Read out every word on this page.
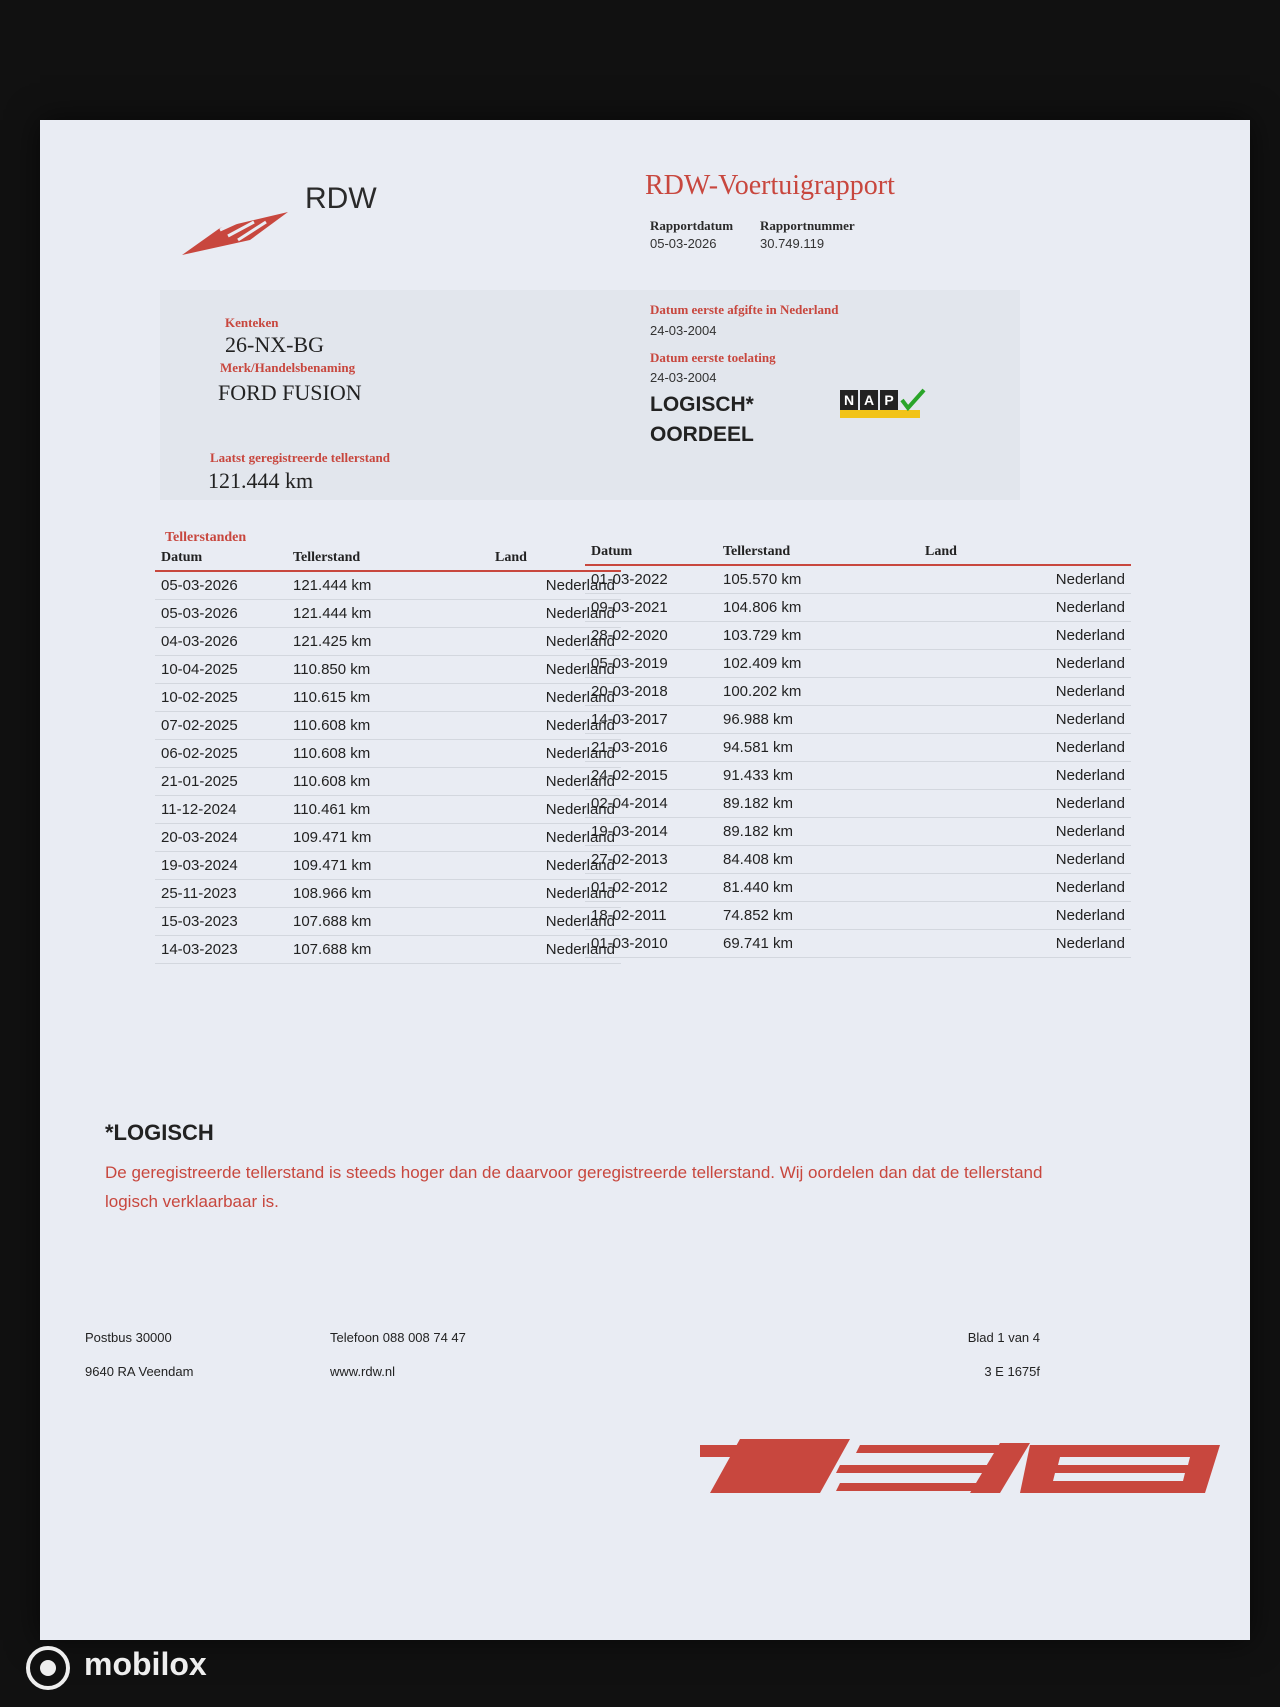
RDW	RDW-Voertuigrapport
Rapportdatum
05-03-2026
Rapportnummer
30.749.119
Kenteken
26-NX-BG
Merk/Handelsbenaming
FORD FUSION
Laatst geregistreerde tellerstand
121.444 km
Datum eerste afgifte in Nederland
24-03-2004
Datum eerste toelating
24-03-2004
LOGISCH*
OORDEEL
N A P
Tellerstanden
Datum	Tellerstand	Land
05-03-2026	121.444 km	Nederland
05-03-2026	121.444 km	Nederland
04-03-2026	121.425 km	Nederland
10-04-2025	110.850 km	Nederland
10-02-2025	110.615 km	Nederland
07-02-2025	110.608 km	Nederland
06-02-2025	110.608 km	Nederland
21-01-2025	110.608 km	Nederland
11-12-2024	110.461 km	Nederland
20-03-2024	109.471 km	Nederland
19-03-2024	109.471 km	Nederland
25-11-2023	108.966 km	Nederland
15-03-2023	107.688 km	Nederland
14-03-2023	107.688 km	Nederland
Datum	Tellerstand	Land
01-03-2022	105.570 km	Nederland
09-03-2021	104.806 km	Nederland
28-02-2020	103.729 km	Nederland
05-03-2019	102.409 km	Nederland
20-03-2018	100.202 km	Nederland
14-03-2017	96.988 km	Nederland
21-03-2016	94.581 km	Nederland
24-02-2015	91.433 km	Nederland
02-04-2014	89.182 km	Nederland
19-03-2014	89.182 km	Nederland
27-02-2013	84.408 km	Nederland
01-02-2012	81.440 km	Nederland
18-02-2011	74.852 km	Nederland
01-03-2010	69.741 km	Nederland
*LOGISCH
De geregistreerde tellerstand is steeds hoger dan de daarvoor geregistreerde tellerstand. Wij oordelen dan dat de tellerstand logisch verklaarbaar is.
Postbus 30000
9640 RA Veendam
Telefoon 088 008 74 47
www.rdw.nl
Blad 1 van 4
3 E 1675f
mobilox
